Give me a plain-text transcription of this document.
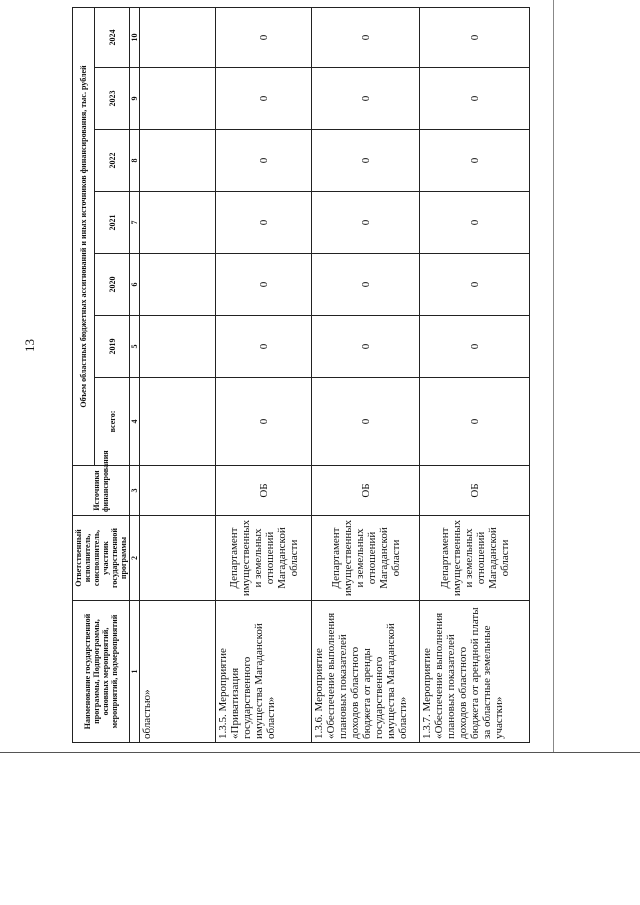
13
Наименование государственной программы, Подпрограммы, основных мероприятий, мероприятий, подмероприятий	Ответственный исполнитель, соисполнитель, участник государственной программы	Источники финансирования	Объем областных бюджетных ассигнований и иных источников финансирования, тыс. рублей						
			всего:	2019	2020	2021	2022	2023	2024
1	2	3	4	5	6	7	8	9	10
областью»									
1.3.5. Мероприятие «Приватизация государственного имущества Магаданской области»	Департамент имущественных и земельных отношений Магаданской области	ОБ	0	0	0	0	0	0	0
1.3.6. Мероприятие «Обеспечение выполнения плановых показателей доходов областного бюджета от аренды государственного имущества Магаданской области»	Департамент имущественных и земельных отношений Магаданской области	ОБ	0	0	0	0	0	0	0
1.3.7. Мероприятие «Обеспечение выполнения плановых показателей доходов областного бюджета от арендной платы за областные земельные участки»	Департамент имущественных и земельных отношений Магаданской области	ОБ	0	0	0	0	0	0	0
